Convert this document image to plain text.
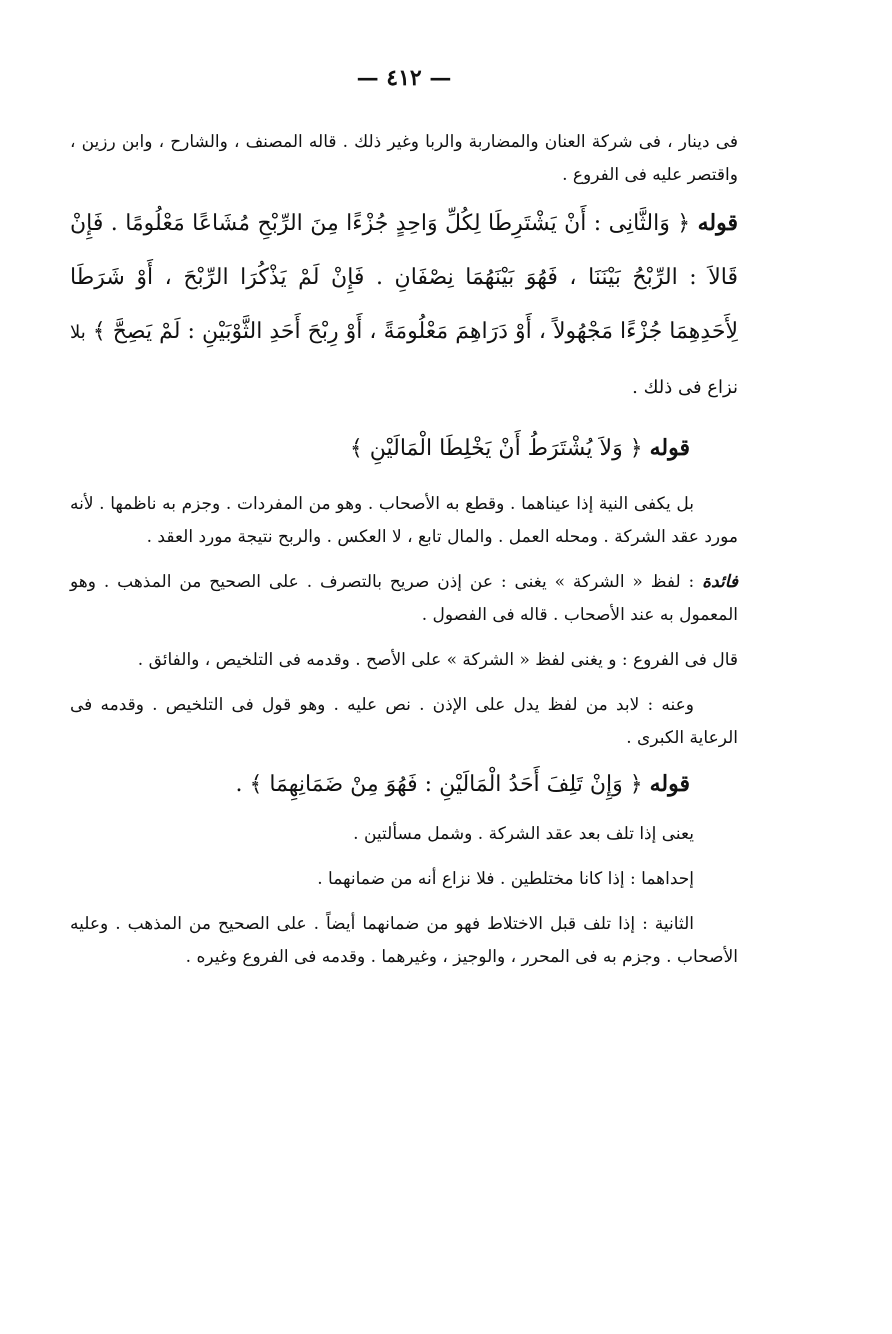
— ٤١٢ —

فى دينار ، فى شركة العنان والمضاربة والربا وغير ذلك . قاله المصنف ، والشارح ، وابن رزين ، واقتصر عليه فى الفروع .

قوله ﴿ وَالثَّانِى : أَنْ يَشْتَرِطَا لِكُلِّ وَاحِدٍ جُزْءًا مِنَ الرِّبْحِ مُشَاعًا مَعْلُومًا . فَإِنْ قَالاَ : الرِّبْحُ بَيْنَنَا ، فَهُوَ بَيْنَهُمَا نِصْفَانِ . فَإِنْ لَمْ يَذْكُرَا الرِّبْحَ ، أَوْ شَرَطَا لِأَحَدِهِمَا جُزْءًا مَجْهُولاً ، أَوْ دَرَاهِمَ مَعْلُومَةً ، أَوْ رِبْحَ أَحَدِ الثَّوْبَيْنِ : لَمْ يَصِحَّ ﴾ بلا نزاع فى ذلك .

قوله ﴿ وَلاَ يُشْتَرَطُ أَنْ يَخْلِطَا الْمَالَيْنِ ﴾

بل يكفى النية إذا عيناهما . وقطع به الأصحاب . وهو من المفردات . وجزم به ناظمها . لأنه مورد عقد الشركة . ومحله العمل . والمال تابع ، لا العكس . والربح نتيجة مورد العقد .

فائدة : لفظ « الشركة » يغنى : عن إذن صريح بالتصرف . على الصحيح من المذهب . وهو المعمول به عند الأصحاب . قاله فى الفصول .

قال فى الفروع : و يغنى لفظ « الشركة » على الأصح . وقدمه فى التلخيص ، والفائق .

وعنه : لابد من لفظ يدل على الإذن . نص عليه . وهو قول فى التلخيص . وقدمه فى الرعاية الكبرى .

قوله ﴿ وَإِنْ تَلِفَ أَحَدُ الْمَالَيْنِ : فَهُوَ مِنْ ضَمَانِهِمَا ﴾ .

يعنى إذا تلف بعد عقد الشركة . وشمل مسألتين .

إحداهما : إذا كانا مختلطين . فلا نزاع أنه من ضمانهما .

الثانية : إذا تلف قبل الاختلاط فهو من ضمانهما أيضاً . على الصحيح من المذهب . وعليه الأصحاب . وجزم به فى المحرر ، والوجيز ، وغيرهما . وقدمه فى الفروع وغيره .
